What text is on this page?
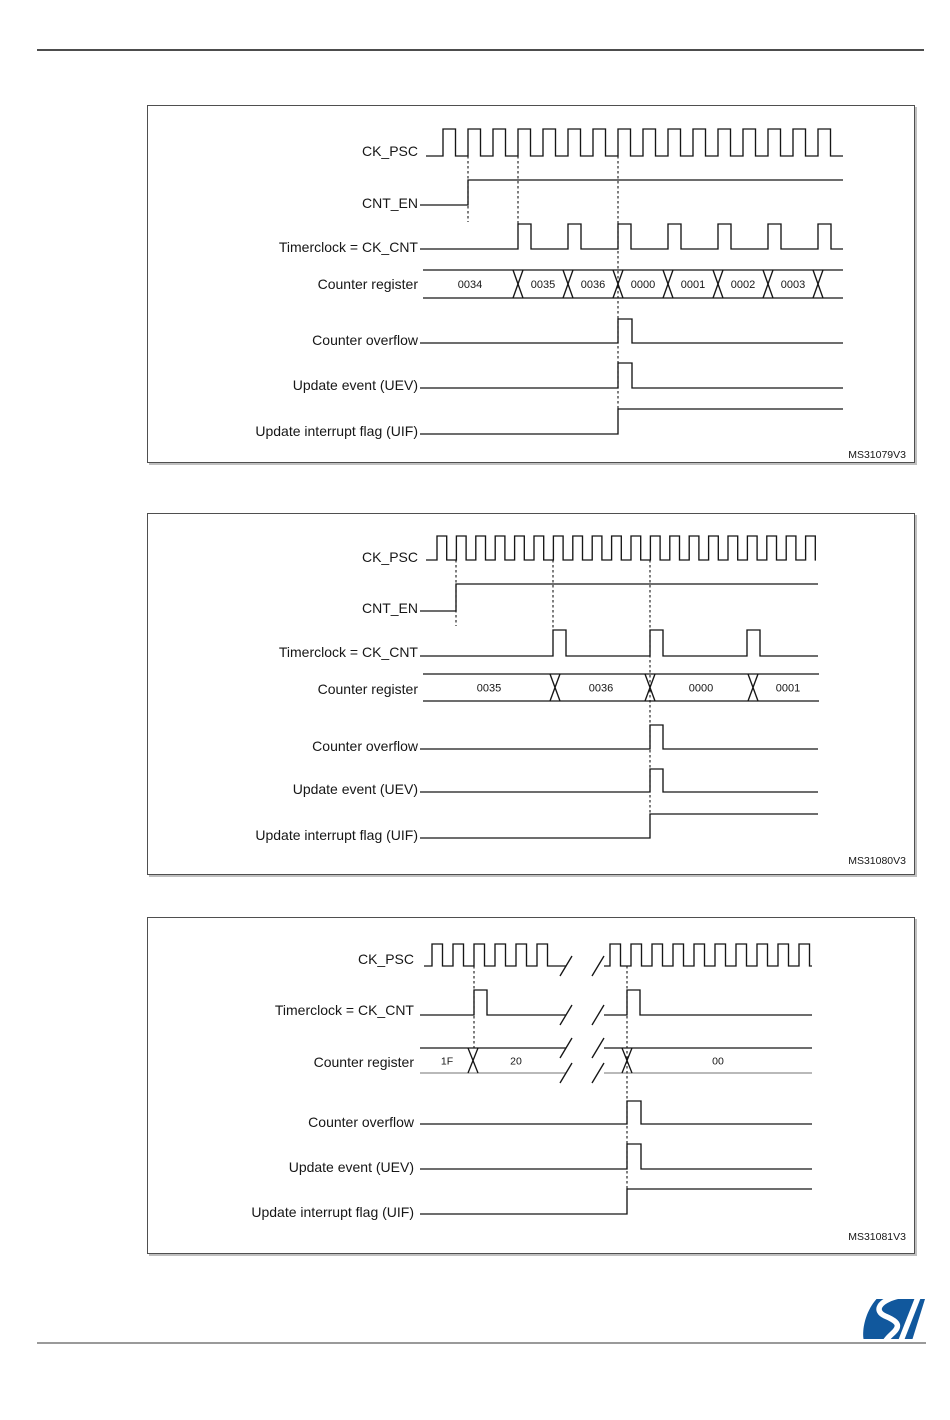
CK_PSC
CNT_EN
Timerclock = CK_CNT
Counter register
Counter overflow
Update event (UEV)
Update interrupt flag (UIF)
0034	0035 0036 0000 0001 0002 0003
MS31079V3
CK_PSC
CNT_EN
Timerclock = CK_CNT
Counter register
Counter overflow
Update event (UEV)
Update interrupt flag (UIF)
0035	0036	0000	0001
MS31080V3
CK_PSC
Timerclock = CK_CNT
Counter register
Counter overflow
Update event (UEV)
Update interrupt flag (UIF)
1F	20	00
MS31081V3
